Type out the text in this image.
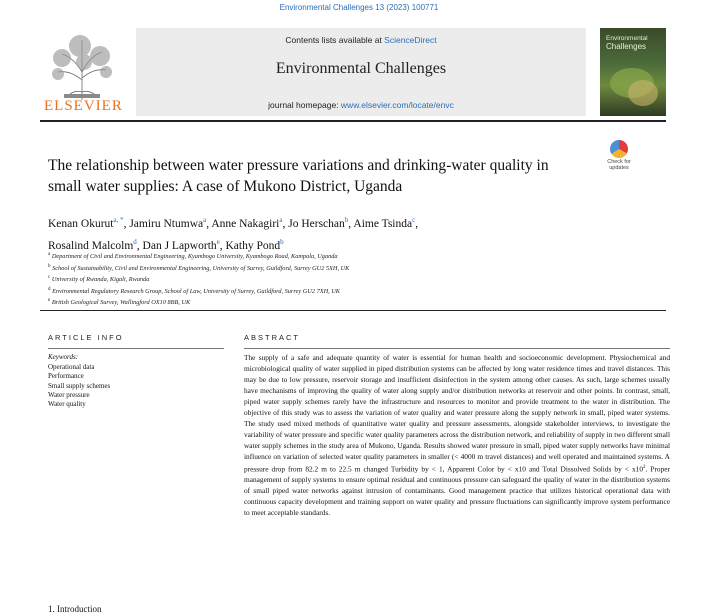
Environmental Challenges 13 (2023) 100771
ELSEVIER
Contents lists available at ScienceDirect
Environmental Challenges
journal homepage: www.elsevier.com/locate/envc
Environmental
Challenges
The relationship between water pressure variations and drinking-water quality in small water supplies: A case of Mukono District, Uganda
Check for
updates
Kenan Okurut$^{a, *}$, Jamiru Ntumwa$^a$, Anne Nakagiri$^a$, Jo Herschan$^b$, Aime Tsinda$^c$,
Rosalind Malcolm$^d$, Dan J Lapworth$^e$, Kathy Pond$^b$
$^a$ Department of Civil and Environmental Engineering, Kyambogo University, Kyambogo Road, Kampala, Uganda
$^b$ School of Sustainability, Civil and Environmental Engineering, University of Surrey, Guildford, Surrey GU2 5XH, UK
$^c$ University of Rwanda, Kigali, Rwanda
$^d$ Environmental Regulatory Research Group, School of Law, University of Surrey, Guildford, Surrey GU2 7XH, UK
$^e$ British Geological Survey, Wallingford OX10 8BB, UK
ARTICLE INFO
Keywords:
Operational data
Performance
Small supply schemes
Water pressure
Water quality
ABSTRACT
The supply of a safe and adequate quantity of water is essential for human health and socioeconomic development. Physiochemical and microbiological quality of water supplied in piped distribution systems can be affected by long water residence times and travel distances. This may be due to low pressure, reservoir storage and insufficient disinfection in the system among other causes. As such, large schemes usually have mechanisms of improving the quality of water along supply and/or distribution networks at reservoir and other points. In contrast, small, piped water supply schemes rarely have the infrastructure and resources to monitor and provide treatment to the water in distribution. The objective of this study was to assess the variation of water quality and water pressure along the supply network in small, piped water systems. The study used mixed methods of quantitative water quality and pressure assessments, alongside stakeholder interviews, to investigate the variability of water pressure and specific water quality parameters across the distribution network, and reliability of supply in two different small water supply schemes in the study area of Mukono, Uganda. Results showed water pressure in small, piped water supply networks have minimal influence on variation of selected water quality parameters in smaller (< 4000 m travel distances) and well operated and maintained systems. A pressure drop from 82.2 m to 22.5 m changed Turbidity by < 1, Apparent Color by < x10 and Total Dissolved Solids by < $x10^2$. Proper management of supply systems to ensure optimal residual and continuous pressure can safeguard the quality of water in the distribution systems of small piped water networks against intrusion of contaminants. Good management practice that utilizes historical operational data with continuous capacity development and training support on water quality and pressure fluctuations can significantly improve system performance to meet acceptable standards.
1. Introduction
